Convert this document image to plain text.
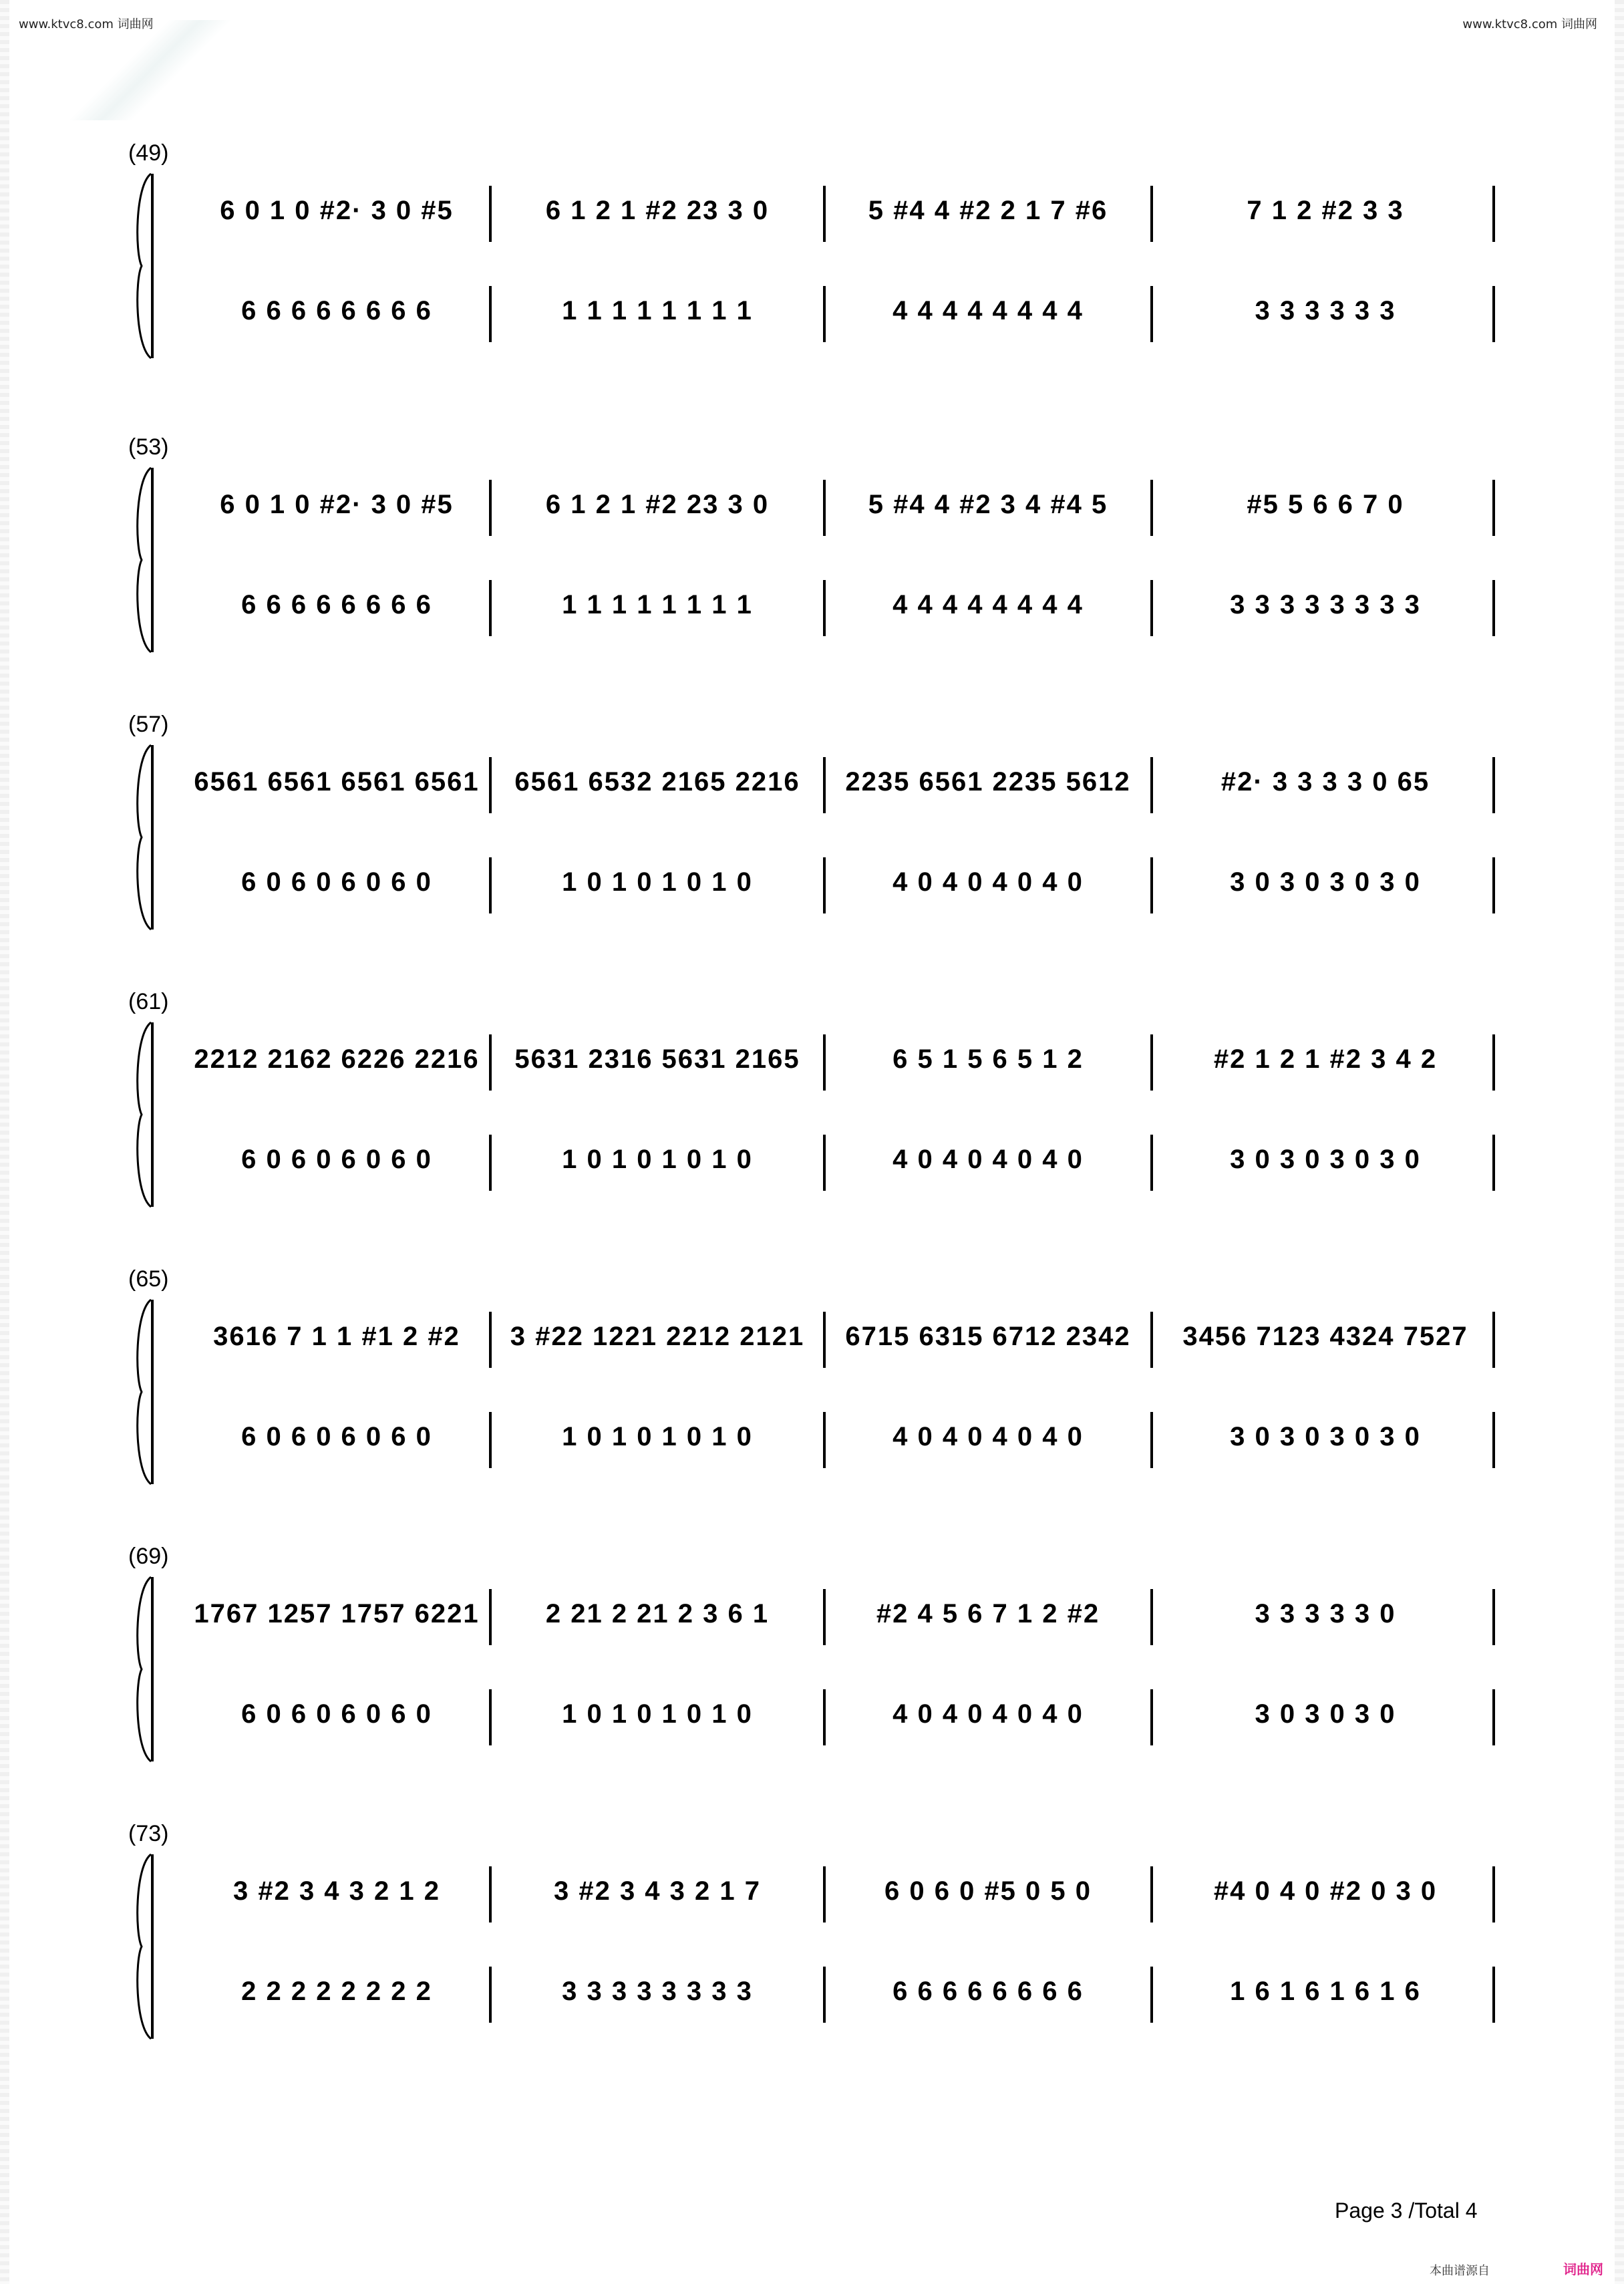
www.ktvc8.com 词曲网	www.ktvc8.com 词曲网
(49)
6 0 1 0 #2· 3 0 #5	6 1 2 1 #2 23 3 0	5 #4 4 #2 2 1 7 #6	7 1 2 #2 3 3
6 6 6 6 6 6 6 6	1 1 1 1 1 1 1 1	4 4 4 4 4 4 4 4	3 3 3 3 3 3
(53)
6 0 1 0 #2· 3 0 #5	6 1 2 1 #2 23 3 0	5 #4 4 #2 3 4 #4 5	#5 5 6 6 7 0
6 6 6 6 6 6 6 6	1 1 1 1 1 1 1 1	4 4 4 4 4 4 4 4	3 3 3 3 3 3 3 3
(57)
6561 6561 6561 6561	6561 6532 2165 2216	2235 6561 2235 5612	#2· 3 3 3 3 0 65
6 0 6 0 6 0 6 0	1 0 1 0 1 0 1 0	4 0 4 0 4 0 4 0	3 0 3 0 3 0 3 0
(61)
2212 2162 6226 2216	5631 2316 5631 2165	6 5 1 5 6 5 1 2	#2 1 2 1 #2 3 4 2
6 0 6 0 6 0 6 0	1 0 1 0 1 0 1 0	4 0 4 0 4 0 4 0	3 0 3 0 3 0 3 0
(65)
3616 7 1 1 #1 2 #2	3 #22 1221 2212 2121	6715 6315 6712 2342	3456 7123 4324 7527
6 0 6 0 6 0 6 0	1 0 1 0 1 0 1 0	4 0 4 0 4 0 4 0	3 0 3 0 3 0 3 0
(69)
1767 1257 1757 6221	2 21 2 21 2 3 6 1	#2 4 5 6 7 1 2 #2	3 3 3 3 3 0
6 0 6 0 6 0 6 0	1 0 1 0 1 0 1 0	4 0 4 0 4 0 4 0	3 0 3 0 3 0
(73)
3 #2 3 4 3 2 1 2	3 #2 3 4 3 2 1 7	6 0 6 0 #5 0 5 0	#4 0 4 0 #2 0 3 0
2 2 2 2 2 2 2 2	3 3 3 3 3 3 3 3	6 6 6 6 6 6 6 6	1 6 1 6 1 6 1 6
Page 3 /Total 4
本曲谱源自	词曲网
